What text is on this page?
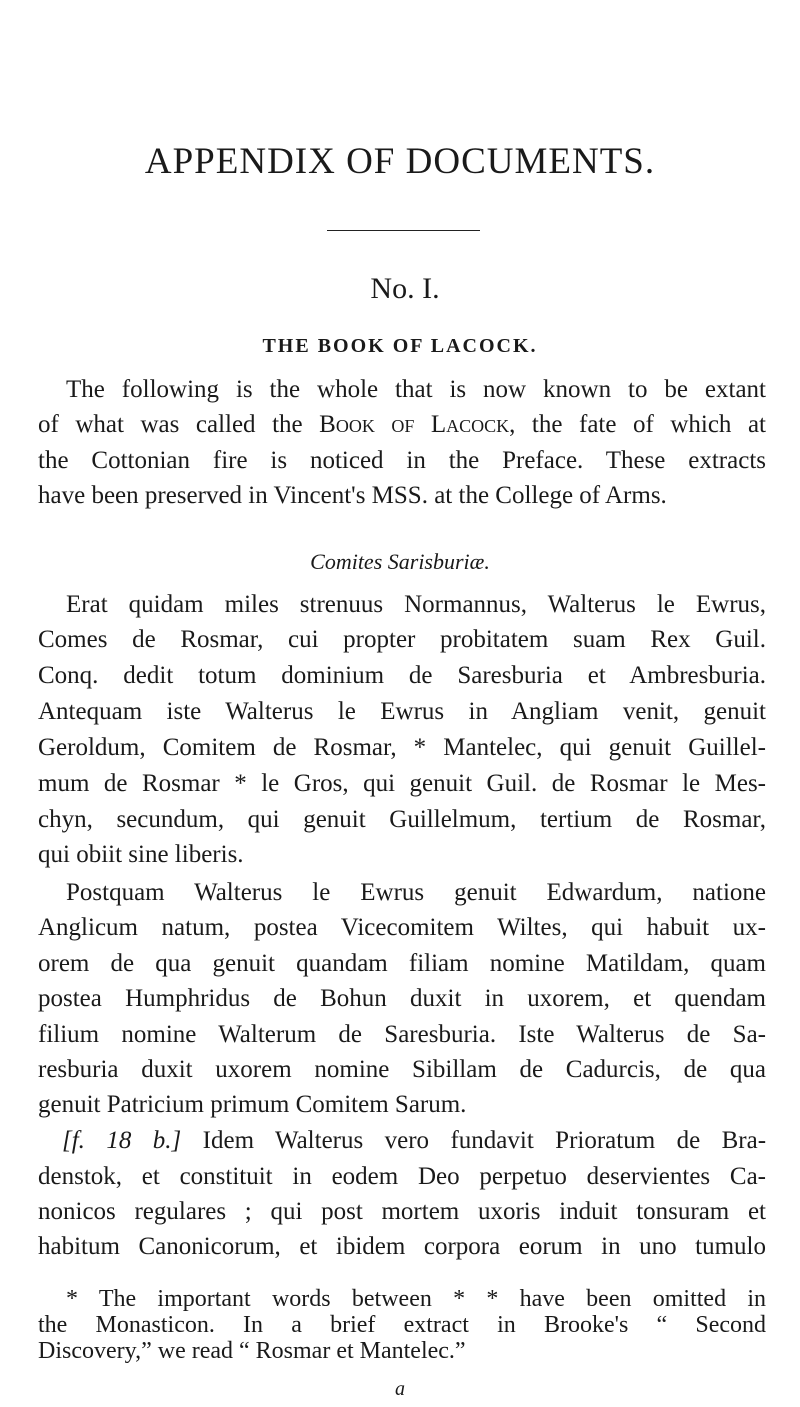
APPENDIX OF DOCUMENTS.
No. I.
THE BOOK OF LACOCK.
The following is the whole that is now known to be extant
of what was called the Book of Lacock, the fate of which at
the Cottonian fire is noticed in the Preface. These extracts
have been preserved in Vincent's MSS. at the College of Arms.
Comites Sarisburiæ.
Erat quidam miles strenuus Normannus, Walterus le Ewrus,
Comes de Rosmar, cui propter probitatem suam Rex Guil.
Conq. dedit totum dominium de Saresburia et Ambresburia.
Antequam iste Walterus le Ewrus in Angliam venit, genuit
Geroldum, Comitem de Rosmar, * Mantelec, qui genuit Guillel-
mum de Rosmar * le Gros, qui genuit Guil. de Rosmar le Mes-
chyn, secundum, qui genuit Guillelmum, tertium de Rosmar,
qui obiit sine liberis.
Postquam Walterus le Ewrus genuit Edwardum, natione
Anglicum natum, postea Vicecomitem Wiltes, qui habuit ux-
orem de qua genuit quandam filiam nomine Matildam, quam
postea Humphridus de Bohun duxit in uxorem, et quendam
filium nomine Walterum de Saresburia. Iste Walterus de Sa-
resburia duxit uxorem nomine Sibillam de Cadurcis, de qua
genuit Patricium primum Comitem Sarum.
[f. 18 b.] Idem Walterus vero fundavit Prioratum de Bra-
denstok, et constituit in eodem Deo perpetuo deservientes Ca-
nonicos regulares ; qui post mortem uxoris induit tonsuram et
habitum Canonicorum, et ibidem corpora eorum in uno tumulo
* The important words between * * have been omitted in
the Monasticon. In a brief extract in Brooke's “ Second
Discovery,” we read “ Rosmar et Mantelec.”
a
